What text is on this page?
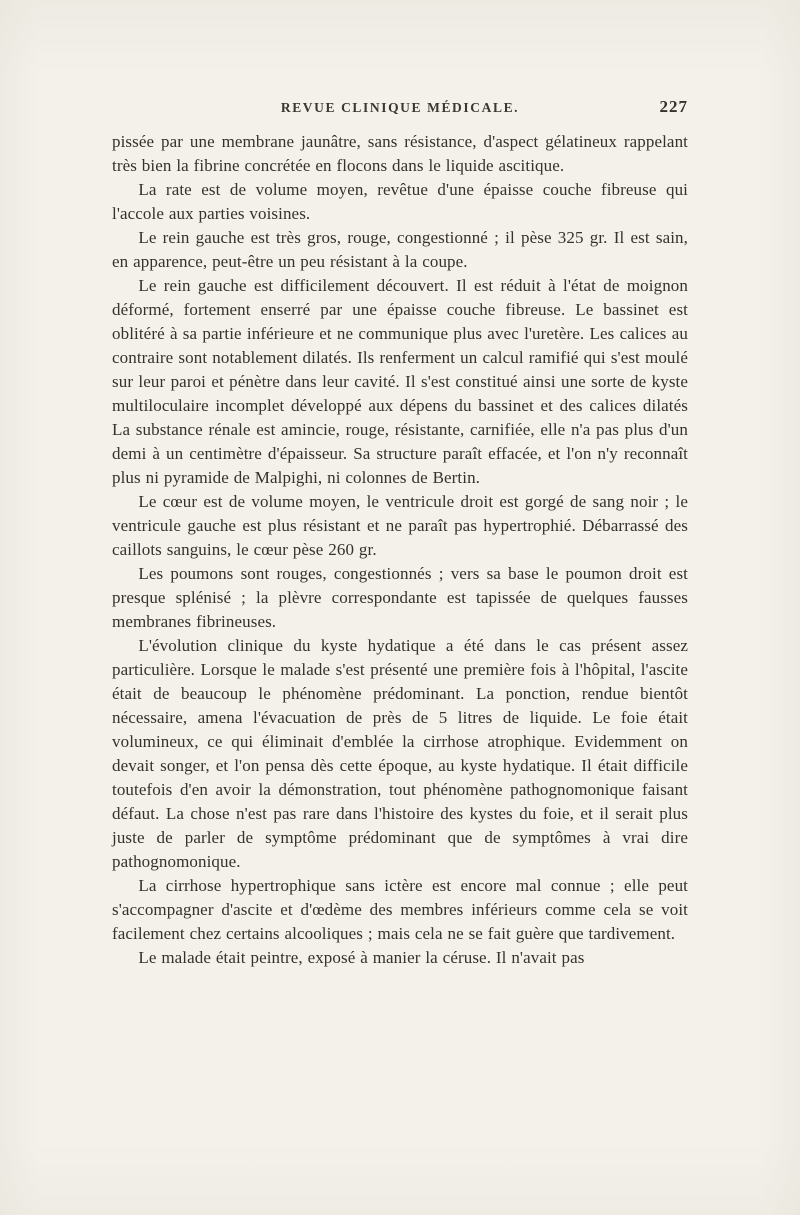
REVUE CLINIQUE MÉDICALE.	227

pissée par une membrane jaunâtre, sans résistance, d'aspect gélatineux rappelant très bien la fibrine concrétée en flocons dans le liquide ascitique.

La rate est de volume moyen, revêtue d'une épaisse couche fibreuse qui l'accole aux parties voisines.

Le rein gauche est très gros, rouge, congestionné ; il pèse 325 gr. Il est sain, en apparence, peut-être un peu résistant à la coupe.

Le rein gauche est difficilement découvert. Il est réduit à l'état de moignon déformé, fortement enserré par une épaisse couche fibreuse. Le bassinet est oblitéré à sa partie inférieure et ne communique plus avec l'uretère. Les calices au contraire sont notablement dilatés. Ils renferment un calcul ramifié qui s'est moulé sur leur paroi et pénètre dans leur cavité. Il s'est constitué ainsi une sorte de kyste multiloculaire incomplet développé aux dépens du bassinet et des calices dilatés La substance rénale est amincie, rouge, résistante, carnifiée, elle n'a pas plus d'un demi à un centimètre d'épaisseur. Sa structure paraît effacée, et l'on n'y reconnaît plus ni pyramide de Malpighi, ni colonnes de Bertin.

Le cœur est de volume moyen, le ventricule droit est gorgé de sang noir ; le ventricule gauche est plus résistant et ne paraît pas hypertrophié. Débarrassé des caillots sanguins, le cœur pèse 260 gr.

Les poumons sont rouges, congestionnés ; vers sa base le poumon droit est presque splénisé ; la plèvre correspondante est tapissée de quelques fausses membranes fibrineuses.

L'évolution clinique du kyste hydatique a été dans le cas présent assez particulière. Lorsque le malade s'est présenté une première fois à l'hôpital, l'ascite était de beaucoup le phénomène prédominant. La ponction, rendue bientôt nécessaire, amena l'évacuation de près de 5 litres de liquide. Le foie était volumineux, ce qui éliminait d'emblée la cirrhose atrophique. Evidemment on devait songer, et l'on pensa dès cette époque, au kyste hydatique. Il était difficile toutefois d'en avoir la démonstration, tout phénomène pathognomonique faisant défaut. La chose n'est pas rare dans l'histoire des kystes du foie, et il serait plus juste de parler de symptôme prédominant que de symptômes à vrai dire pathognomonique.

La cirrhose hypertrophique sans ictère est encore mal connue ; elle peut s'accompagner d'ascite et d'œdème des membres inférieurs comme cela se voit facilement chez certains alcooliques ; mais cela ne se fait guère que tardivement.

Le malade était peintre, exposé à manier la céruse. Il n'avait pas
